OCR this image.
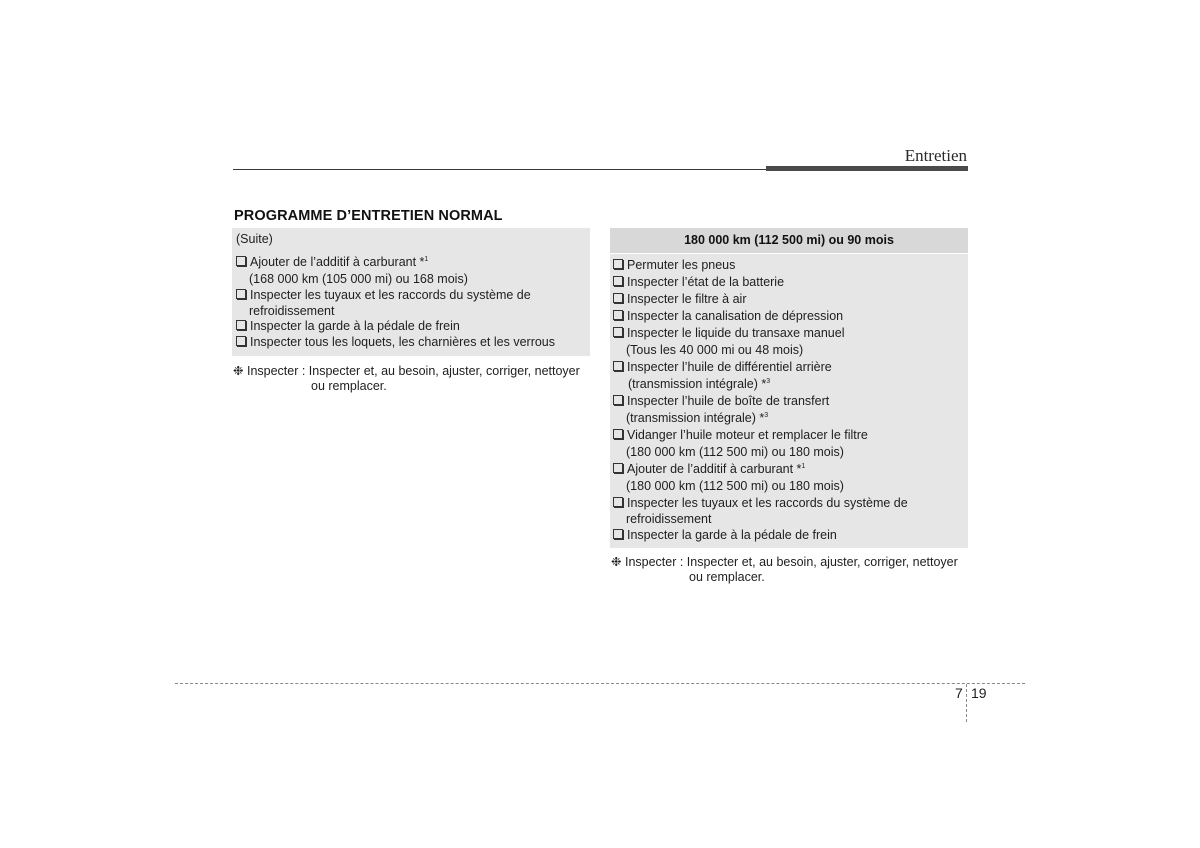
Entretien
PROGRAMME D’ENTRETIEN NORMAL
(Suite)
Ajouter de l’additif à carburant *$^1$
(168 000 km (105 000 mi) ou 168 mois)
Inspecter les tuyaux et les raccords du système de
refroidissement
Inspecter la garde à la pédale de frein
Inspecter tous les loquets, les charnières et les verrous
❉ Inspecter : Inspecter et, au besoin, ajuster, corriger, nettoyer
ou remplacer.
180 000 km (112 500 mi) ou 90 mois
Permuter les pneus
Inspecter l’état de la batterie
Inspecter le filtre à air
Inspecter la canalisation de dépression
Inspecter le liquide du transaxe manuel
(Tous les 40 000 mi ou 48 mois)
Inspecter l’huile de différentiel arrière
(transmission intégrale) *$^3$
Inspecter l’huile de boîte de transfert
(transmission intégrale) *$^3$
Vidanger l’huile moteur et remplacer le filtre
(180 000 km (112 500 mi) ou 180 mois)
Ajouter de l’additif à carburant *$^1$
(180 000 km (112 500 mi) ou 180 mois)
Inspecter les tuyaux et les raccords du système de
refroidissement
Inspecter la garde à la pédale de frein
❉ Inspecter : Inspecter et, au besoin, ajuster, corriger, nettoyer
ou remplacer.
7 19
